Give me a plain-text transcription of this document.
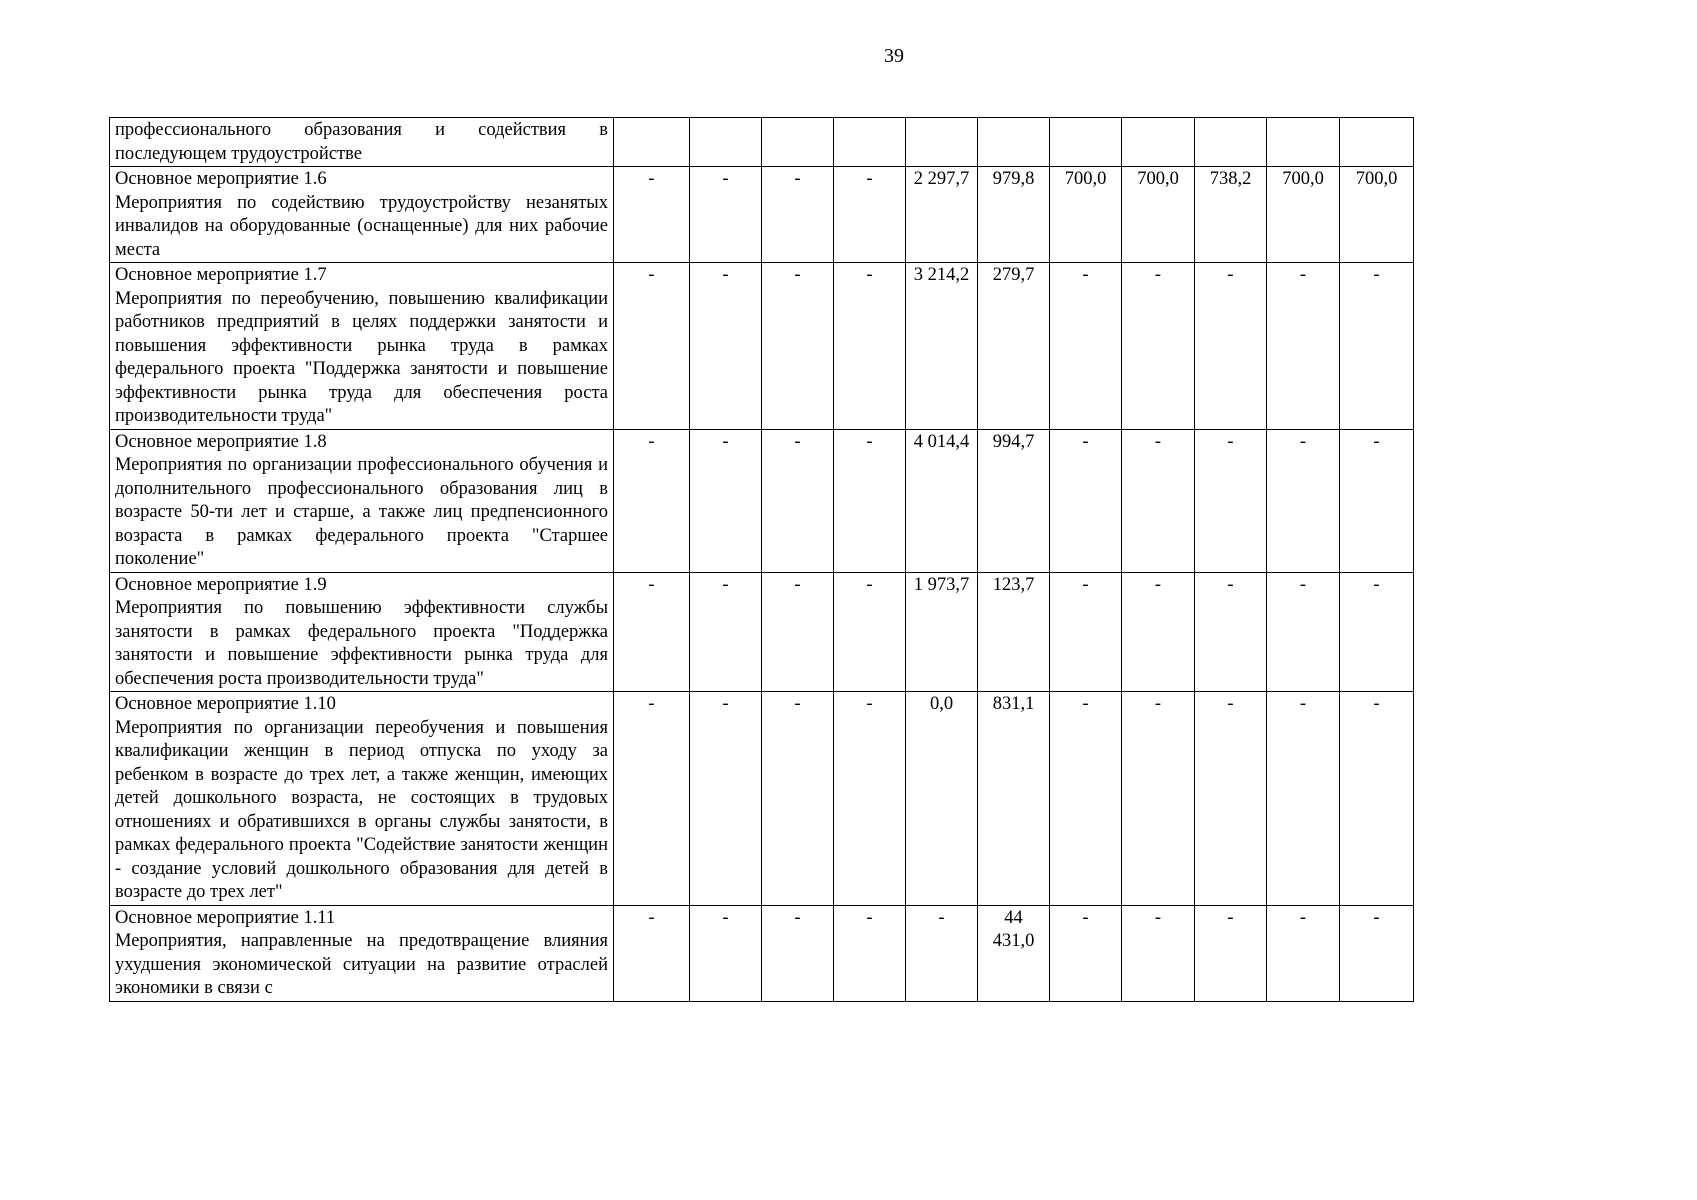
39
профессионального образования и содействия в последующем трудоустройстве	

Основное мероприятие 1.6
Мероприятия по содействию трудоустройству незанятых инвалидов на оборудованные (оснащенные) для них рабочие места	-	-	-	-	2 297,7	979,8	700,0	700,0	738,2	700,0	700,0

Основное мероприятие 1.7
Мероприятия по переобучению, повышению квалификации работников предприятий в целях поддержки занятости и повышения эффективности рынка труда в рамках федерального проекта "Поддержка занятости и повышение эффективности рынка труда для обеспечения роста производительности труда"	-	-	-	-	3 214,2	279,7	-	-	-	-	-

Основное мероприятие 1.8
Мероприятия по организации профессионального обучения и дополнительного профессионального образования лиц в возрасте 50-ти лет и старше, а также лиц предпенсионного возраста в рамках федерального проекта "Старшее поколение"	-	-	-	-	4 014,4	994,7	-	-	-	-	-

Основное мероприятие 1.9
Мероприятия по повышению эффективности службы занятости в рамках федерального проекта "Поддержка занятости и повышение эффективности рынка труда для обеспечения роста производительности труда"	-	-	-	-	1 973,7	123,7	-	-	-	-	-

Основное мероприятие 1.10
Мероприятия по организации переобучения и повышения квалификации женщин в период отпуска по уходу за ребенком в возрасте до трех лет, а также женщин, имеющих детей дошкольного возраста, не состоящих в трудовых отношениях и обратившихся в органы службы занятости, в рамках федерального проекта "Содействие занятости женщин - создание условий дошкольного образования для детей в возрасте до трех лет"	-	-	-	-	0,0	831,1	-	-	-	-	-

Основное мероприятие 1.11
Мероприятия, направленные на предотвращение влияния ухудшения экономической ситуации на развитие отраслей экономики в связи с	-	-	-	-	-	44 431,0	-	-	-	-	-
